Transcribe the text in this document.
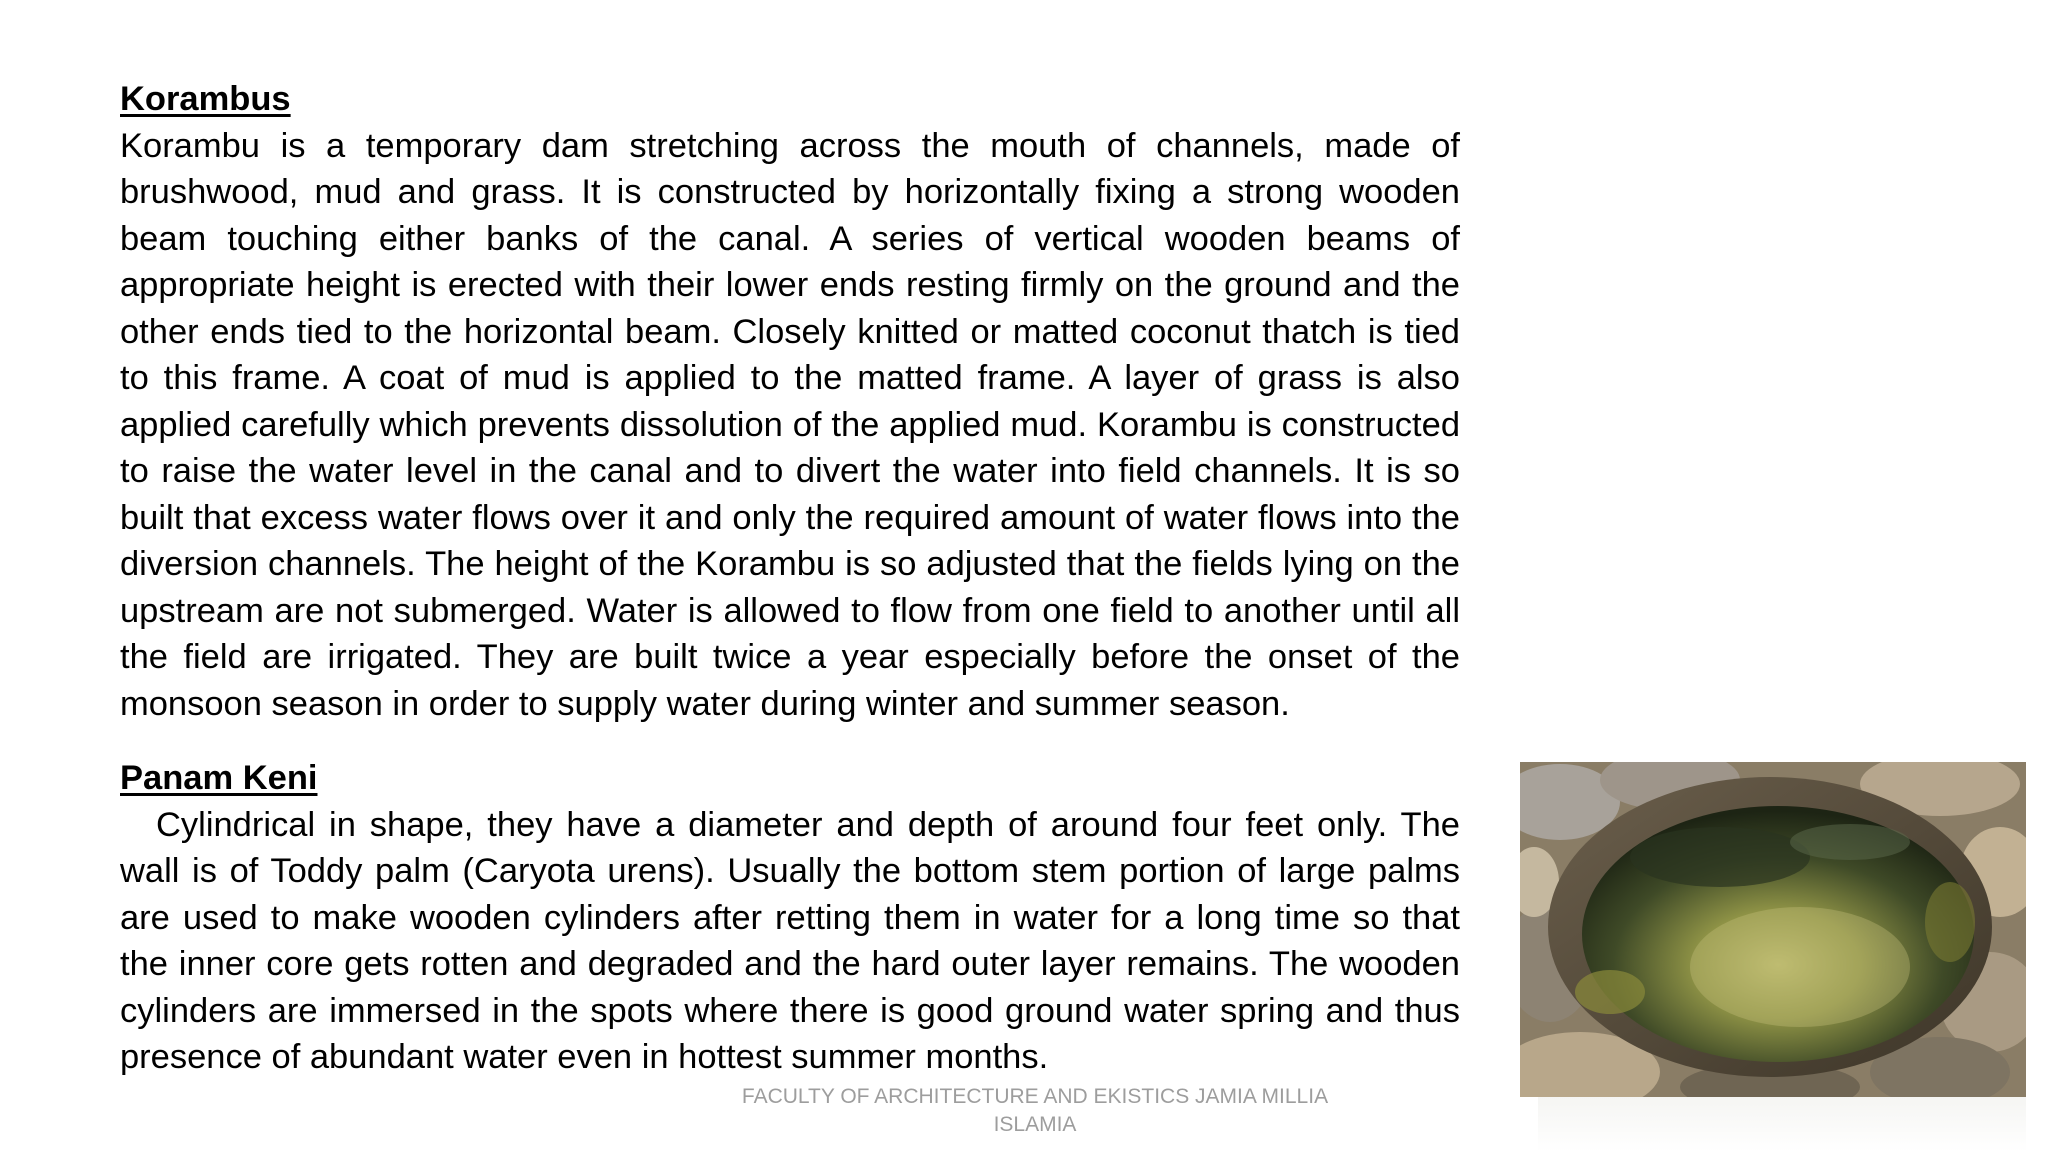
Korambus

Korambu is a temporary dam stretching across the mouth of channels, made of brushwood, mud and grass. It is constructed by horizontally fixing a strong wooden beam touching either banks of the canal. A series of vertical wooden beams of appropriate height is erected with their lower ends resting firmly on the ground and the other ends tied to the horizontal beam. Closely knitted or matted coconut thatch is tied to this frame. A coat of mud is applied to the matted frame. A layer of grass is also applied carefully which prevents dissolution of the applied mud. Korambu is constructed to raise the water level in the canal and to divert the water into field channels. It is so built that excess water flows over it and only the required amount of water flows into the diversion channels. The height of the Korambu is so adjusted that the fields lying on the upstream are not submerged. Water is allowed to flow from one field to another until all the field are irrigated. They are built twice a year especially before the onset of the monsoon season in order to supply water during winter and summer season.

Panam Keni

Cylindrical in shape, they have a diameter and depth of around four feet only. The wall is of Toddy palm (Caryota urens). Usually the bottom stem portion of large palms are used to make wooden cylinders after retting them in water for a long time so that the inner core gets rotten and degraded and the hard outer layer remains. The wooden cylinders are immersed in the spots where there is good ground water spring and thus presence of abundant water even in hottest summer months.

FACULTY OF ARCHITECTURE AND EKISTICS JAMIA MILLIA ISLAMIA
